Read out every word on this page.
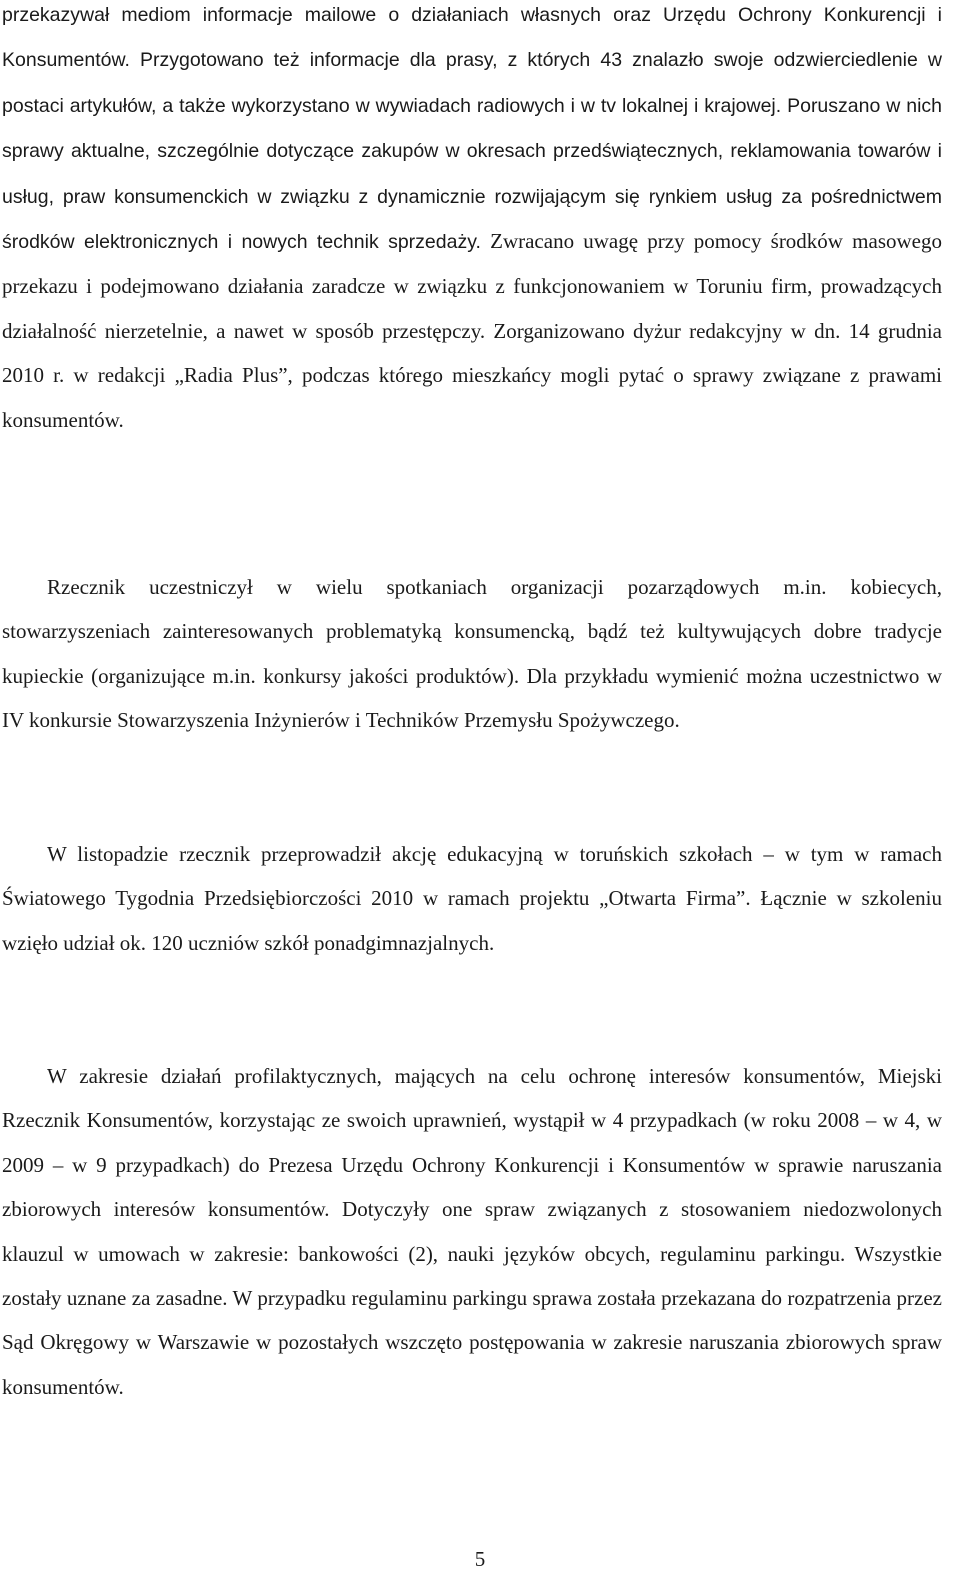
przekazywał mediom informacje mailowe o działaniach własnych oraz Urzędu Ochrony Konkurencji i Konsumentów. Przygotowano też informacje dla prasy, z których 43 znalazło swoje odzwierciedlenie w postaci artykułów, a także wykorzystano w wywiadach radiowych i w tv lokalnej i krajowej. Poruszano w nich sprawy aktualne, szczególnie dotyczące zakupów w okresach przedświątecznych, reklamowania towarów i usług, praw konsumenckich w związku z dynamicznie rozwijającym się rynkiem usług za pośrednictwem środków elektronicznych i nowych technik sprzedaży. Zwracano uwagę przy pomocy środków masowego przekazu i podejmowano działania zaradcze w związku z funkcjonowaniem w Toruniu firm, prowadzących działalność nierzetelnie, a nawet w sposób przestępczy. Zorganizowano dyżur redakcyjny w dn. 14 grudnia 2010 r. w redakcji „Radia Plus”, podczas którego mieszkańcy mogli pytać o sprawy związane z prawami konsumentów.

Rzecznik uczestniczył w wielu spotkaniach organizacji pozarządowych m.in. kobiecych, stowarzyszeniach zainteresowanych problematyką konsumencką, bądź też kultywujących dobre tradycje kupieckie (organizujące m.in. konkursy jakości produktów). Dla przykładu wymienić można uczestnictwo w IV konkursie Stowarzyszenia Inżynierów i Techników Przemysłu Spożywczego.

W listopadzie rzecznik przeprowadził akcję edukacyjną w toruńskich szkołach – w tym w ramach Światowego Tygodnia Przedsiębiorczości 2010 w ramach projektu „Otwarta Firma”. Łącznie w szkoleniu wzięło udział ok. 120 uczniów szkół ponadgimnazjalnych.

W zakresie działań profilaktycznych, mających na celu ochronę interesów konsumentów, Miejski Rzecznik Konsumentów, korzystając ze swoich uprawnień, wystąpił w 4 przypadkach (w roku 2008 – w 4, w 2009 – w 9 przypadkach) do Prezesa Urzędu Ochrony Konkurencji i Konsumentów w sprawie naruszania zbiorowych interesów konsumentów. Dotyczyły one spraw związanych z stosowaniem niedozwolonych klauzul w umowach w zakresie: bankowości (2), nauki języków obcych, regulaminu parkingu. Wszystkie zostały uznane za zasadne. W przypadku regulaminu parkingu sprawa została przekazana do rozpatrzenia przez Sąd Okręgowy w Warszawie w pozostałych wszczęto postępowania w zakresie naruszania zbiorowych spraw konsumentów.

5
